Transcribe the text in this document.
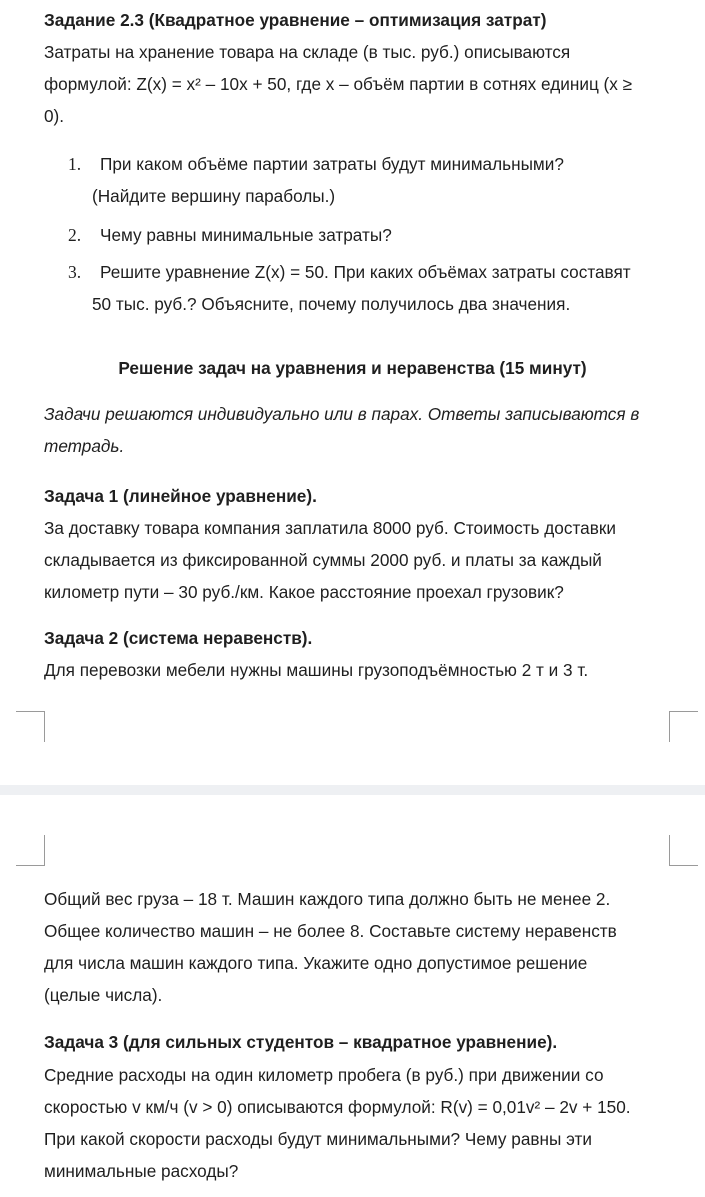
Задание 2.3 (Квадратное уравнение – оптимизация затрат)

Затраты на хранение товара на складе (в тыс. руб.) описываются

формулой: Z(x) = x² – 10x + 50, где x – объём партии в сотнях единиц (x ≥

0).

1.	При каком объёме партии затраты будут минимальными?
(Найдите вершину параболы.)
2.	Чему равны минимальные затраты?
3.	Решите уравнение Z(x) = 50. При каких объёмах затраты составят
50 тыс. руб.? Объясните, почему получилось два значения.

Решение задач на уравнения и неравенства (15 минут)

Задачи решаются индивидуально или в парах. Ответы записываются в

тетрадь.

Задача 1 (линейное уравнение).

За доставку товара компания заплатила 8000 руб. Стоимость доставки

складывается из фиксированной суммы 2000 руб. и платы за каждый

километр пути – 30 руб./км. Какое расстояние проехал грузовик?

Задача 2 (система неравенств).

Для перевозки мебели нужны машины грузоподъёмностью 2 т и 3 т.

Общий вес груза – 18 т. Машин каждого типа должно быть не менее 2.

Общее количество машин – не более 8. Составьте систему неравенств

для числа машин каждого типа. Укажите одно допустимое решение

(целые числа).

Задача 3 (для сильных студентов – квадратное уравнение).

Средние расходы на один километр пробега (в руб.) при движении со

скоростью v км/ч (v > 0) описываются формулой: R(v) = 0,01v² – 2v + 150.

При какой скорости расходы будут минимальными? Чему равны эти

минимальные расходы?
